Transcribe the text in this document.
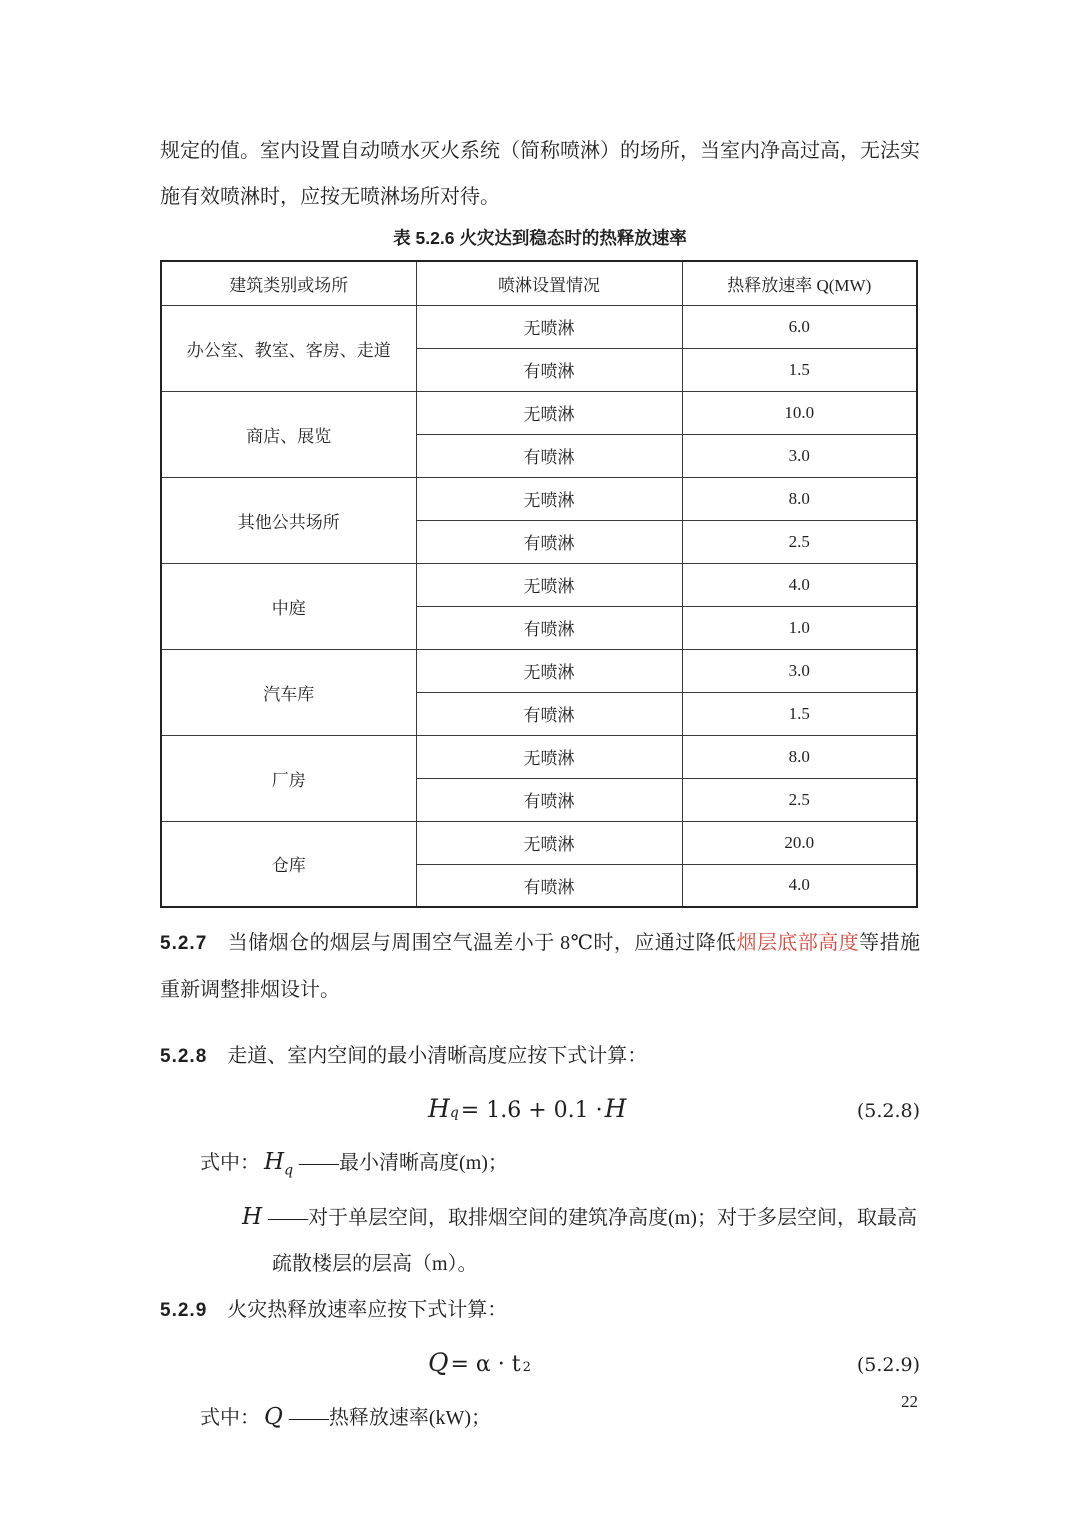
规定的值。室内设置自动喷水灭火系统（简称喷淋）的场所，当室内净高过高，无法实施有效喷淋时，应按无喷淋场所对待。

表 5.2.6 火灾达到稳态时的热释放速率
建筑类别或场所	喷淋设置情况	热释放速率 Q(MW)
办公室、教室、客房、走道	无喷淋	6.0
	有喷淋	1.5
商店、展览	无喷淋	10.0
	有喷淋	3.0
其他公共场所	无喷淋	8.0
	有喷淋	2.5
中庭	无喷淋	4.0
	有喷淋	1.0
汽车库	无喷淋	3.0
	有喷淋	1.5
厂房	无喷淋	8.0
	有喷淋	2.5
仓库	无喷淋	20.0
	有喷淋	4.0

5.2.7 当储烟仓的烟层与周围空气温差小于 8℃时，应通过降低烟层底部高度等措施重新调整排烟设计。

5.2.8 走道、室内空间的最小清晰高度应按下式计算：
H q = 1.6 + 0.1 · H	(5.2.8)
式中： $H_q$ ——最小清晰高度(m)；
H ——对于单层空间，取排烟空间的建筑净高度(m)；对于多层空间，取最高
疏散楼层的层高（m）。
5.2.9 火灾热释放速率应按下式计算：
Q = α · t 2	(5.2.9)
式中： Q ——热释放速率(kW)；
22
